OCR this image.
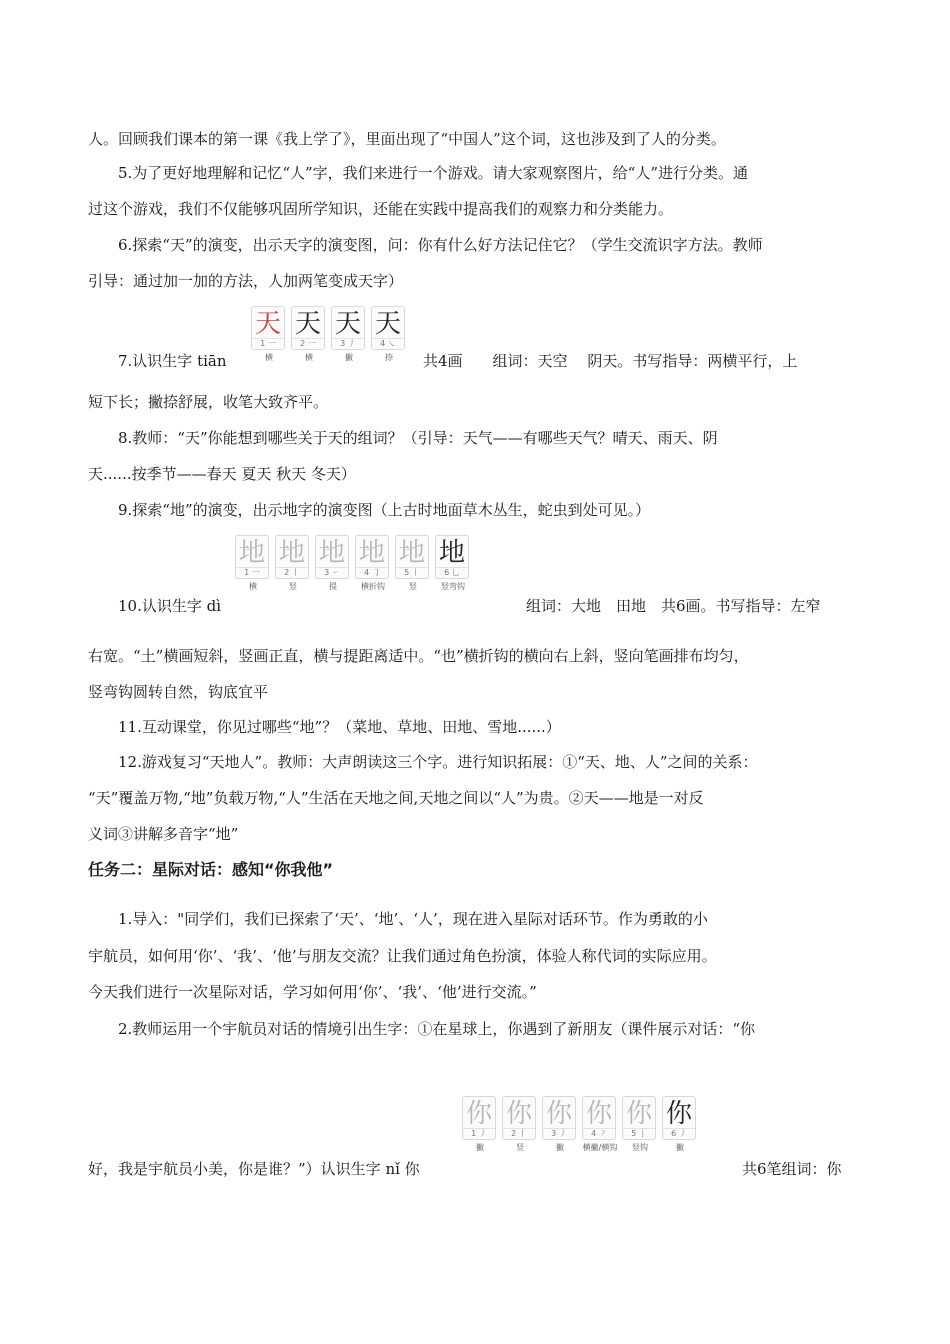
人。回顾我们课本的第一课《我上学了》，里面出现了“中国人”这个词，这也涉及到了人的分类。
5.为了更好地理解和记忆“人”字，我们来进行一个游戏。请大家观察图片，给“人”进行分类。通
过这个游戏，我们不仅能够巩固所学知识，还能在实践中提高我们的观察力和分类能力。
6.探索“天”的演变，出示天字的演变图，问：你有什么好方法记住它？（学生交流识字方法。教师
引导：通过加一加的方法，人加两笔变成天字）
天
1 一
横
天
2 一
横
天
3 丿
撇
天
4 ㇏
捺
7.认识生字 tiān	共4画　　组词：天空　 阴天。书写指导：两横平行，上
短下长；撇捺舒展，收笔大致齐平。
8.教师：“天”你能想到哪些关于天的组词？（引导：天气——有哪些天气？晴天、雨天、阴
天......按季节——春天 夏天 秋天 冬天）
9.探索“地”的演变，出示地字的演变图（上古时地面草木丛生，蛇虫到处可见。）
地
1 一
横
地
2 丨
竖
地
3 ㇀
提
地
4 ㇆
横折钩
地
5 丨
竖
地
6 乚
竖弯钩
10.认识生字 dì	组词：大地　田地　共6画。书写指导：左窄
右宽。“土”横画短斜，竖画正直，横与提距离适中。“也”横折钩的横向右上斜，竖向笔画排布均匀，
竖弯钩圆转自然，钩底宜平
11.互动课堂，你见过哪些“地”？（菜地、草地、田地、雪地......）
12.游戏复习“天地人”。教师：大声朗读这三个字。进行知识拓展：①“天、地、人”之间的关系：
“天”覆盖万物,“地”负载万物,“人”生活在天地之间,天地之间以“人”为贵。②天——地是一对反
义词③讲解多音字“地”
任务二：星际对话：感知“你我他”
1.导入："同学们，我们已探索了‘天’、‘地’、‘人’，现在进入星际对话环节。作为勇敢的小
宇航员，如何用‘你’、‘我’、‘他’与朋友交流？让我们通过角色扮演，体验人称代词的实际应用。
今天我们进行一次星际对话，学习如何用‘你’、‘我’、‘他’进行交流。”
2.教师运用一个宇航员对话的情境引出生字：①在星球上，你遇到了新朋友（课件展示对话：“你
你
1 丿
撇
你
2 丨
竖
你
3 丿
撇
你
4 ㇇
横撇/横钩
你
5 亅
竖钩
你
6 丿
撇
好，我是宇航员小美，你是谁？”）认识生字 nǐ 你	共6笔组词：你
